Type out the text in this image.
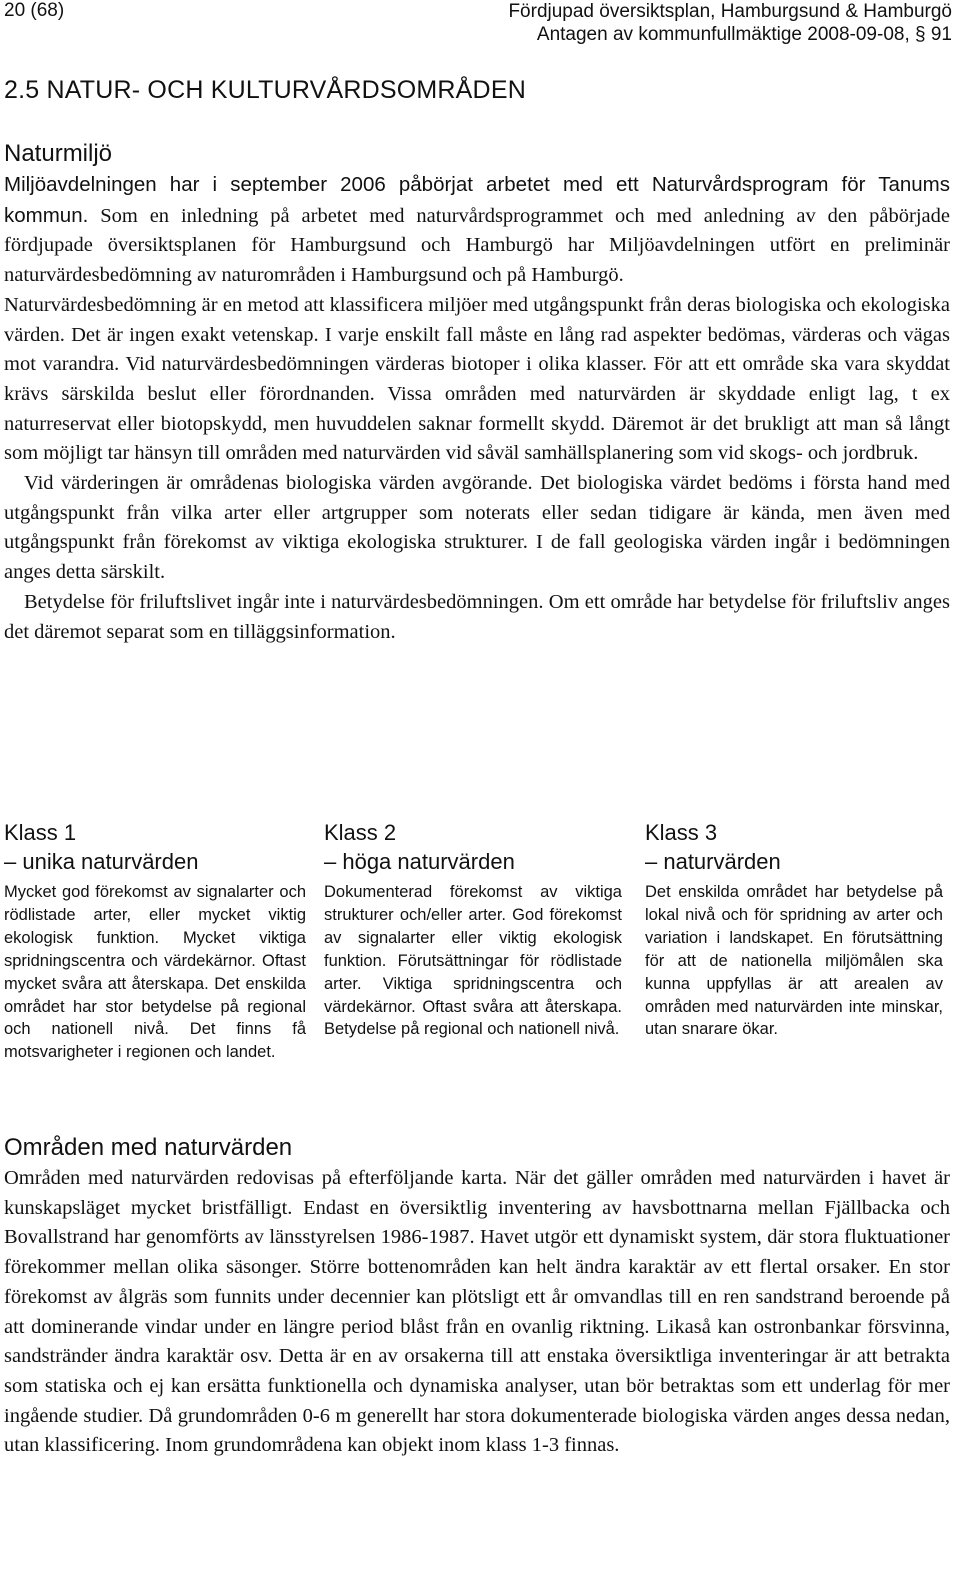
20 (68)	Fördjupad översiktsplan, Hamburgsund & Hamburgö
Antagen av kommunfullmäktige 2008-09-08, § 91
2.5 NATUR- OCH KULTURVÅRDSOMRÅDEN
Naturmiljö

Miljöavdelningen har i september 2006 påbörjat arbetet med ett Naturvårdsprogram för Tanums kommun. Som en inledning på arbetet med naturvårdsprogrammet och med anledning av den påbörjade fördjupade översiktsplanen för Hamburgsund och Hamburgö har Miljöavdelningen utfört en preliminär naturvärdesbedömning av naturområden i Hamburgsund och på Hamburgö.

Naturvärdesbedömning är en metod att klassificera miljöer med utgångspunkt från deras biologiska och ekologiska värden. Det är ingen exakt vetenskap. I varje enskilt fall måste en lång rad aspekter bedömas, värderas och vägas mot varandra. Vid naturvärdesbedömningen värderas biotoper i olika klasser. För att ett område ska vara skyddat krävs särskilda beslut eller förordnanden. Vissa områden med naturvärden är skyddade enligt lag, t ex naturreservat eller biotopskydd, men huvuddelen saknar formellt skydd. Däremot är det brukligt att man så långt som möjligt tar hänsyn till områden med naturvärden vid såväl samhällsplanering som vid skogs- och jordbruk.

Vid värderingen är områdenas biologiska värden avgörande. Det biologiska värdet bedöms i första hand med utgångspunkt från vilka arter eller artgrupper som noterats eller sedan tidigare är kända, men även med utgångspunkt från förekomst av viktiga ekologiska strukturer. I de fall geologiska värden ingår i bedömningen anges detta särskilt.

Betydelse för friluftslivet ingår inte i naturvärdesbedömningen. Om ett område har betydelse för friluftsliv anges det däremot separat som en tilläggsinformation.

Klass 1
– unika naturvärden
Mycket god förekomst av signalarter och rödlistade arter, eller mycket viktig ekologisk funktion. Mycket viktiga spridningscentra och värdekärnor. Oftast mycket svåra att återskapa. Det enskilda området har stor betydelse på regional och nationell nivå. Det finns få motsvarigheter i regionen och landet.
Klass 2
– höga naturvärden
Dokumenterad förekomst av viktiga strukturer och/eller arter. God förekomst av signalarter eller viktig ekologisk funktion. Förutsättningar för rödlistade arter. Viktiga spridningscentra och värdekärnor. Oftast svåra att återskapa. Betydelse på regional och nationell nivå.
Klass 3
– naturvärden
Det enskilda området har betydelse på lokal nivå och för spridning av arter och variation i landskapet. En förutsättning för att de nationella miljömålen ska kunna uppfyllas är att arealen av områden med naturvärden inte minskar, utan snarare ökar.
Områden med naturvärden

Områden med naturvärden redovisas på efterföljande karta. När det gäller områden med naturvärden i havet är kunskapsläget mycket bristfälligt. Endast en översiktlig inventering av havsbottnarna mellan Fjällbacka och Bovallstrand har genomförts av länsstyrelsen 1986-1987. Havet utgör ett dynamiskt system, där stora fluktuationer förekommer mellan olika säsonger. Större bottenområden kan helt ändra karaktär av ett flertal orsaker. En stor förekomst av ålgräs som funnits under decennier kan plötsligt ett år omvandlas till en ren sandstrand beroende på att dominerande vindar under en längre period blåst från en ovanlig riktning. Likaså kan ostronbankar försvinna, sandstränder ändra karaktär osv. Detta är en av orsakerna till att enstaka översiktliga inventeringar är att betrakta som statiska och ej kan ersätta funktionella och dynamiska analyser, utan bör betraktas som ett underlag för mer ingående studier. Då grundområden 0-6 m generellt har stora dokumenterade biologiska värden anges dessa nedan, utan klassificering. Inom grundområdena kan objekt inom klass 1-3 finnas.
